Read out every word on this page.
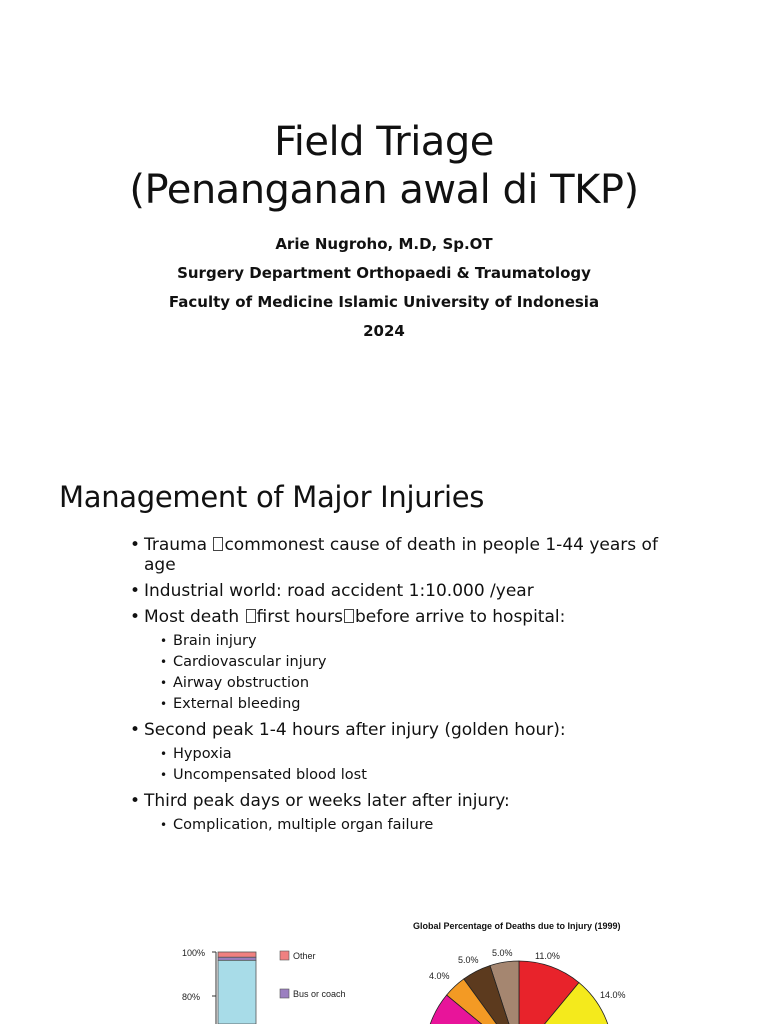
Field Triage
(Penanganan awal di TKP)
Arie Nugroho, M.D, Sp.OT
Surgery Department Orthopaedi & Traumatology
Faculty of Medicine Islamic University of Indonesia
2024
Management of Major Injuries
• Trauma commonest cause of death in people 1-44 years of age
• Industrial world: road accident 1:10.000 /year
• Most death first hours before arrive to hospital:
• Brain injury
• Cardiovascular injury
• Airway obstruction
• External bleeding
• Second peak 1-4 hours after injury (golden hour):
• Hypoxia
• Uncompensated blood lost
• Third peak days or weeks later after injury:
• Complication, multiple organ failure
100%
80%
Other
Bus or coach
Global Percentage of Deaths due to Injury (1999)
11.0%
14.0%
5.0%
5.0%
4.0%
